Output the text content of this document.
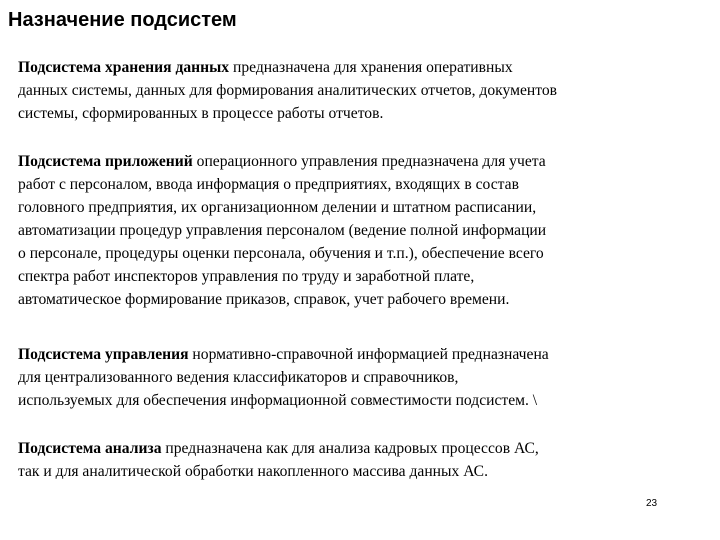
Назначение подсистем

Подсистема хранения данных предназначена для хранения оперативных
данных системы, данных для формирования аналитических отчетов, документов
системы, сформированных в процессе работы отчетов.

Подсистема приложений операционного управления предназначена для учета
работ с персоналом, ввода информация о предприятиях, входящих в состав
головного предприятия, их организационном делении и штатном расписании,
автоматизации процедур управления персоналом (ведение полной информации
о персонале, процедуры оценки персонала, обучения и т.п.), обеспечение всего
спектра работ инспекторов управления по труду и заработной плате,
автоматическое формирование приказов, справок, учет рабочего времени.

Подсистема управления нормативно-справочной информацией предназначена
для централизованного ведения классификаторов и справочников,
используемых для обеспечения информационной совместимости подсистем. \

Подсистема анализа предназначена как для анализа кадровых процессов АС,
так и для аналитической обработки накопленного массива данных АС.

23
